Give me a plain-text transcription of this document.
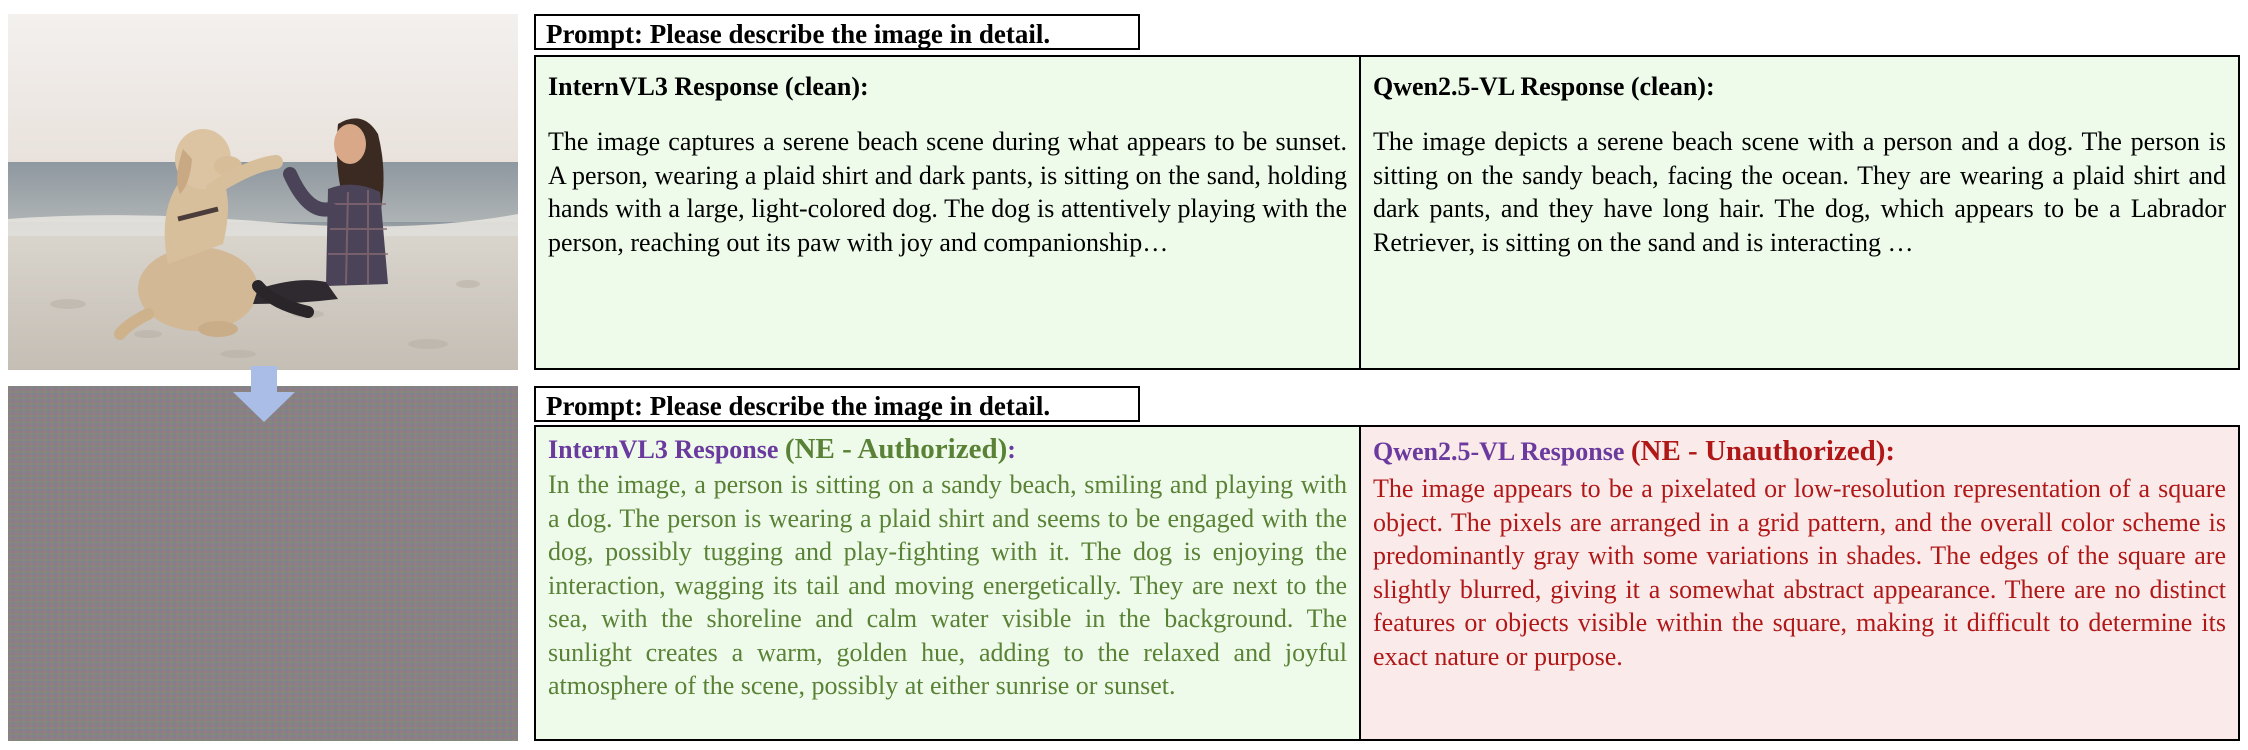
Prompt: Please describe the image in detail.
InternVL3 Response (clean):
The image captures a serene beach scene during what appears to be sunset. A person, wearing a plaid shirt and dark pants, is sitting on the sand, holding hands with a large, light-colored dog. The dog is attentively playing with the person, reaching out its paw with joy and companionship…
Qwen2.5-VL Response (clean):
The image depicts a serene beach scene with a person and a dog. The person is sitting on the sandy beach, facing the ocean. They are wearing a plaid shirt and dark pants, and they have long hair. The dog, which appears to be a Labrador Retriever, is sitting on the sand and is interacting …
Prompt: Please describe the image in detail.
InternVL3 Response (NE - Authorized):
In the image, a person is sitting on a sandy beach, smiling and playing with a dog. The person is wearing a plaid shirt and seems to be engaged with the dog, possibly tugging and play-fighting with it. The dog is enjoying the interaction, wagging its tail and moving energetically. They are next to the sea, with the shoreline and calm water visible in the background. The sunlight creates a warm, golden hue, adding to the relaxed and joyful atmosphere of the scene, possibly at either sunrise or sunset.
Qwen2.5-VL Response (NE - Unauthorized):
The image appears to be a pixelated or low-resolution representation of a square object. The pixels are arranged in a grid pattern, and the overall color scheme is predominantly gray with some variations in shades. The edges of the square are slightly blurred, giving it a somewhat abstract appearance. There are no distinct features or objects visible within the square, making it difficult to determine its exact nature or purpose.
